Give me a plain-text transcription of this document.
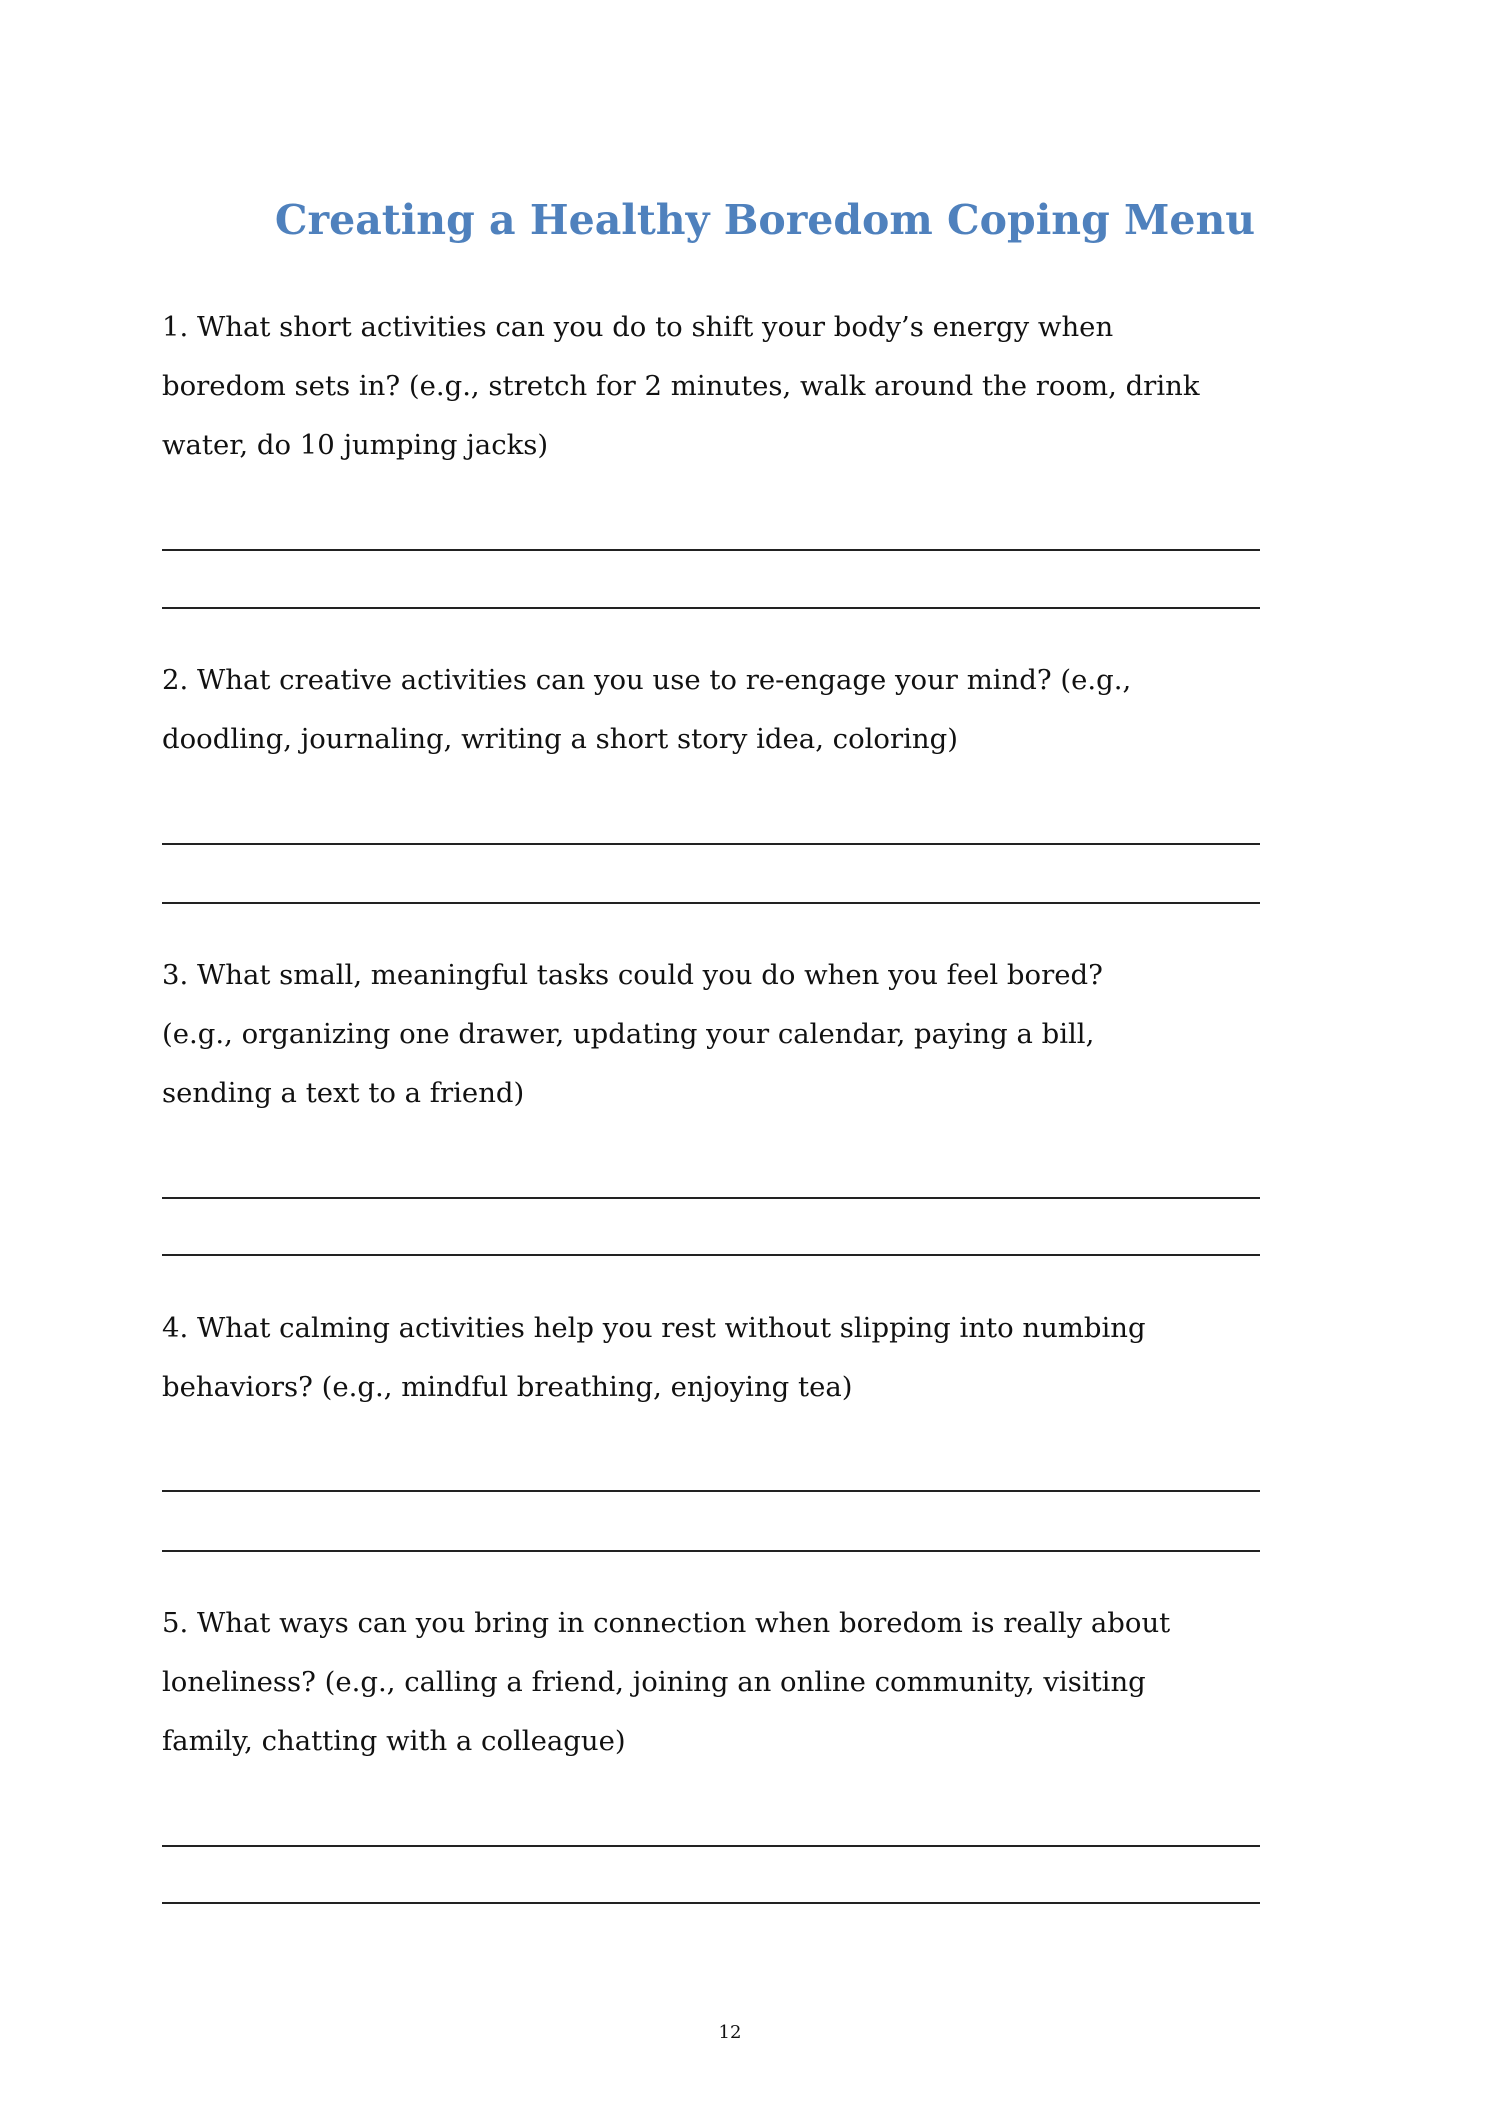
Creating a Healthy Boredom Coping Menu
1. What short activities can you do to shift your body’s energy when
boredom sets in? (e.g., stretch for 2 minutes, walk around the room, drink
water, do 10 jumping jacks)
2. What creative activities can you use to re-engage your mind? (e.g.,
doodling, journaling, writing a short story idea, coloring)
3. What small, meaningful tasks could you do when you feel bored?
(e.g., organizing one drawer, updating your calendar, paying a bill,
sending a text to a friend)
4. What calming activities help you rest without slipping into numbing
behaviors? (e.g., mindful breathing, enjoying tea)
5. What ways can you bring in connection when boredom is really about
loneliness? (e.g., calling a friend, joining an online community, visiting
family, chatting with a colleague)
12
